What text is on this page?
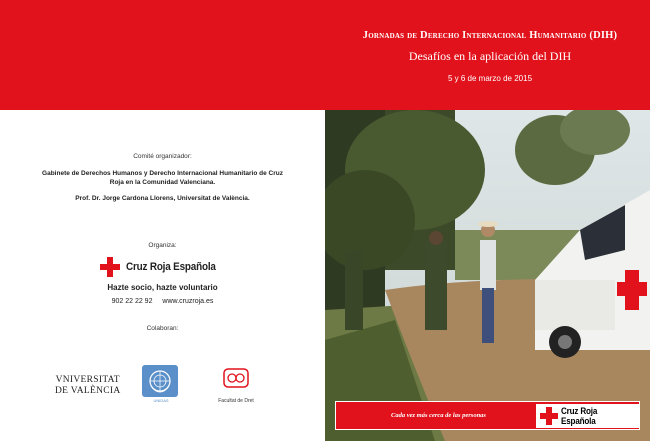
Jornadas de Derecho Internacional Humanitario (DIH)
Desafíos en la aplicación del DIH
5 y 6 de marzo de 2015
Comité organizador:
Gabinete de Derechos Humanos y Derecho Internacional Humanitario de Cruz Roja en la Comunidad Valenciana.
Prof. Dr. Jorge Cardona Llorens, Universitat de València.
Organiza:
Cruz Roja Española
Hazte socio, hazte voluntario
902 22 22 92 www.cruzroja.es
Colaboran:
VNIVERSITAT
DE VALÈNCIA
UNIDAS	Facultat de Dret
Cada vez más cerca de las personas	Cruz Roja Española
